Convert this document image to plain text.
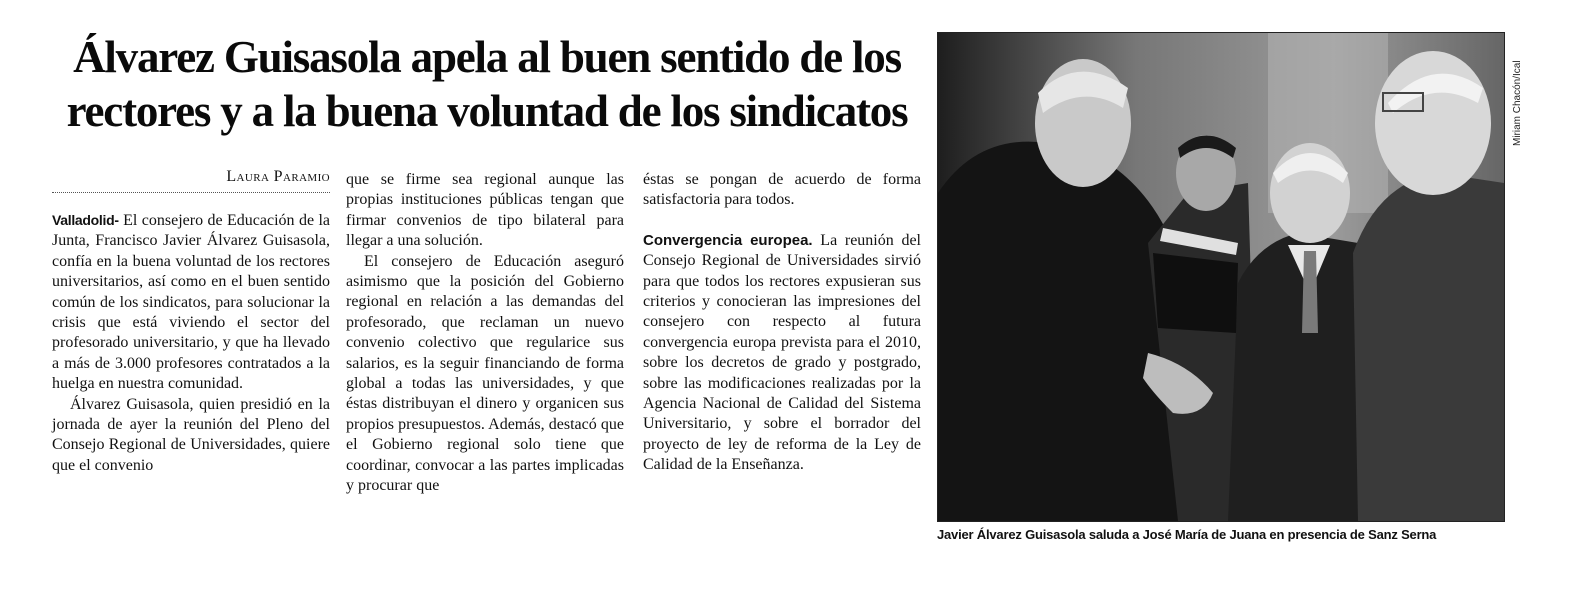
Álvarez Guisasola apela al buen sentido de los
rectores y a la buena voluntad de los sindicatos
Laura Paramio

Valladolid- El consejero de Educación de la Junta, Francisco Javier Álvarez Guisasola, confía en la buena voluntad de los rectores universitarios, así como en el buen sentido común de los sindicatos, para solucionar la crisis que está viviendo el sector del profesorado universitario, y que ha llevado a más de 3.000 profesores contratados a la huelga en nuestra comunidad.

Álvarez Guisasola, quien presidió en la jornada de ayer la reunión del Pleno del Consejo Regional de Universidades, quiere que el convenio

que se firme sea regional aunque las propias instituciones públicas tengan que firmar convenios de tipo bilateral para llegar a una solución.

El consejero de Educación aseguró asimismo que la posición del Gobierno regional en relación a las demandas del profesorado, que reclaman un nuevo convenio colectivo que regularice sus salarios, es la seguir financiando de forma global a todas las universidades, y que éstas distribuyan el dinero y organicen sus propios presupuestos. Además, destacó que el Gobierno regional solo tiene que coordinar, convocar a las partes implicadas y procurar que

éstas se pongan de acuerdo de forma satisfactoria para todos.

Convergencia europea. La reunión del Consejo Regional de Universidades sirvió para que todos los rectores expusieran sus criterios y conocieran las impresiones del consejero con respecto al futura convergencia europa prevista para el 2010, sobre los decretos de grado y postgrado, sobre las modificaciones realizadas por la Agencia Nacional de Calidad del Sistema Universitario, y sobre el borrador del proyecto de ley de reforma de la Ley de Calidad de la Enseñanza.

Miriam Chacón/Ical
Javier Álvarez Guisasola saluda a José María de Juana en presencia de Sanz Serna
